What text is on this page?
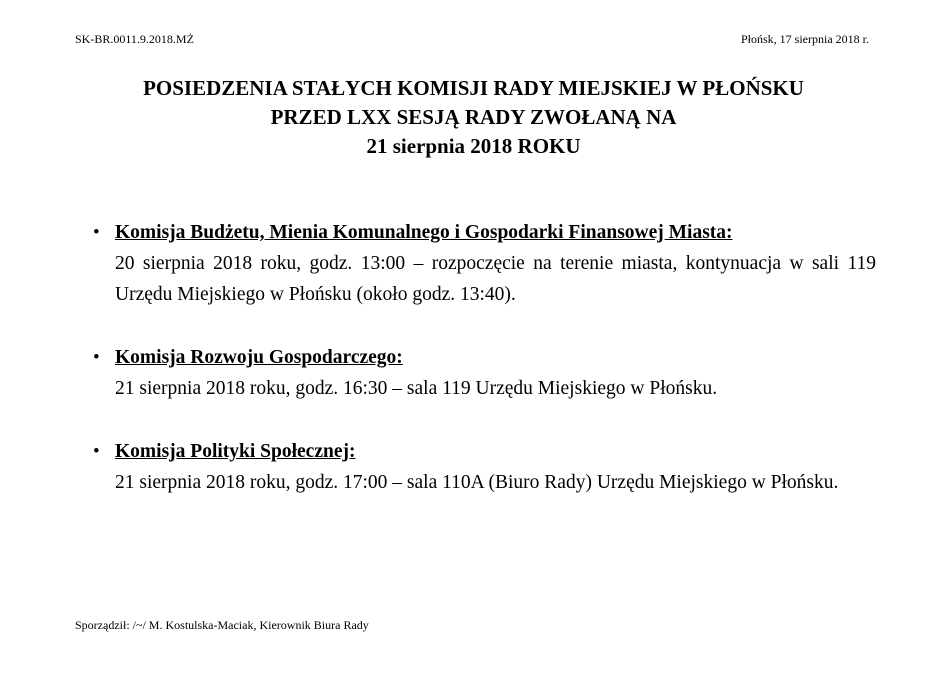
SK-BR.0011.9.2018.MŻ	Płońsk, 17 sierpnia 2018 r.
POSIEDZENIA STAŁYCH KOMISJI RADY MIEJSKIEJ W PŁOŃSKU
PRZED LXX SESJĄ RADY ZWOŁANĄ NA
21 sierpnia 2018 ROKU
• Komisja Budżetu, Mienia Komunalnego i Gospodarki Finansowej Miasta:
20 sierpnia 2018 roku, godz. 13:00 – rozpoczęcie na terenie miasta, kontynuacja w sali 119 Urzędu Miejskiego w Płońsku (około godz. 13:40).
• Komisja Rozwoju Gospodarczego:
21 sierpnia 2018 roku, godz. 16:30 – sala 119 Urzędu Miejskiego w Płońsku.
• Komisja Polityki Społecznej:
21 sierpnia 2018 roku, godz. 17:00 – sala 110A (Biuro Rady) Urzędu Miejskiego w Płońsku.
Sporządził: /~/ M. Kostulska-Maciak, Kierownik Biura Rady
